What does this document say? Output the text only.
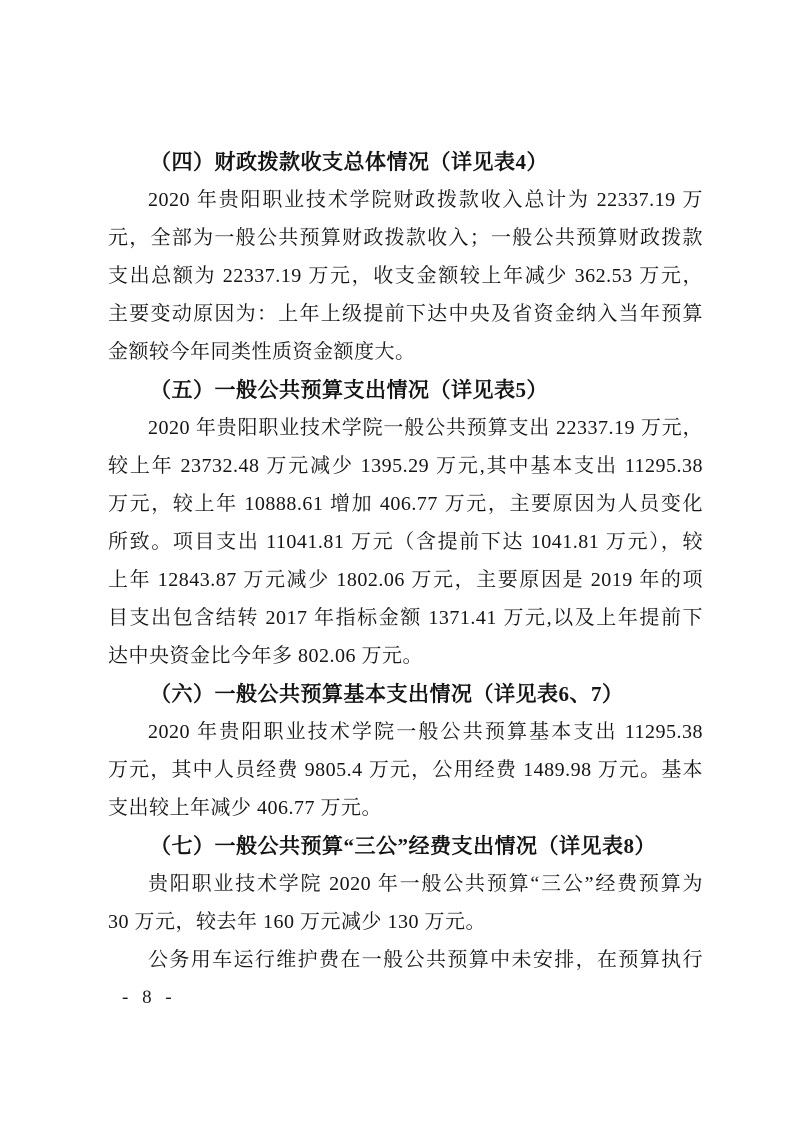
（四）财政拨款收支总体情况（详见表4）
2020 年贵阳职业技术学院财政拨款收入总计为 22337.19 万
元，全部为一般公共预算财政拨款收入；一般公共预算财政拨款
支出总额为 22337.19 万元，收支金额较上年减少 362.53 万元，
主要变动原因为：上年上级提前下达中央及省资金纳入当年预算
金额较今年同类性质资金额度大。
（五）一般公共预算支出情况（详见表5）
2020 年贵阳职业技术学院一般公共预算支出 22337.19 万元，
较上年 23732.48 万元减少 1395.29 万元,其中基本支出 11295.38
万元，较上年 10888.61 增加 406.77 万元，主要原因为人员变化
所致。项目支出 11041.81 万元（含提前下达 1041.81 万元），较
上年 12843.87 万元减少 1802.06 万元，主要原因是 2019 年的项
目支出包含结转 2017 年指标金额 1371.41 万元,以及上年提前下
达中央资金比今年多 802.06 万元。
（六）一般公共预算基本支出情况（详见表6、7）
2020 年贵阳职业技术学院一般公共预算基本支出 11295.38
万元，其中人员经费 9805.4 万元，公用经费 1489.98 万元。基本
支出较上年减少 406.77 万元。
（七）一般公共预算“三公”经费支出情况（详见表8）
贵阳职业技术学院 2020 年一般公共预算“三公”经费预算为
30 万元，较去年 160 万元减少 130 万元。
公务用车运行维护费在一般公共预算中未安排，在预算执行
- 8 -
